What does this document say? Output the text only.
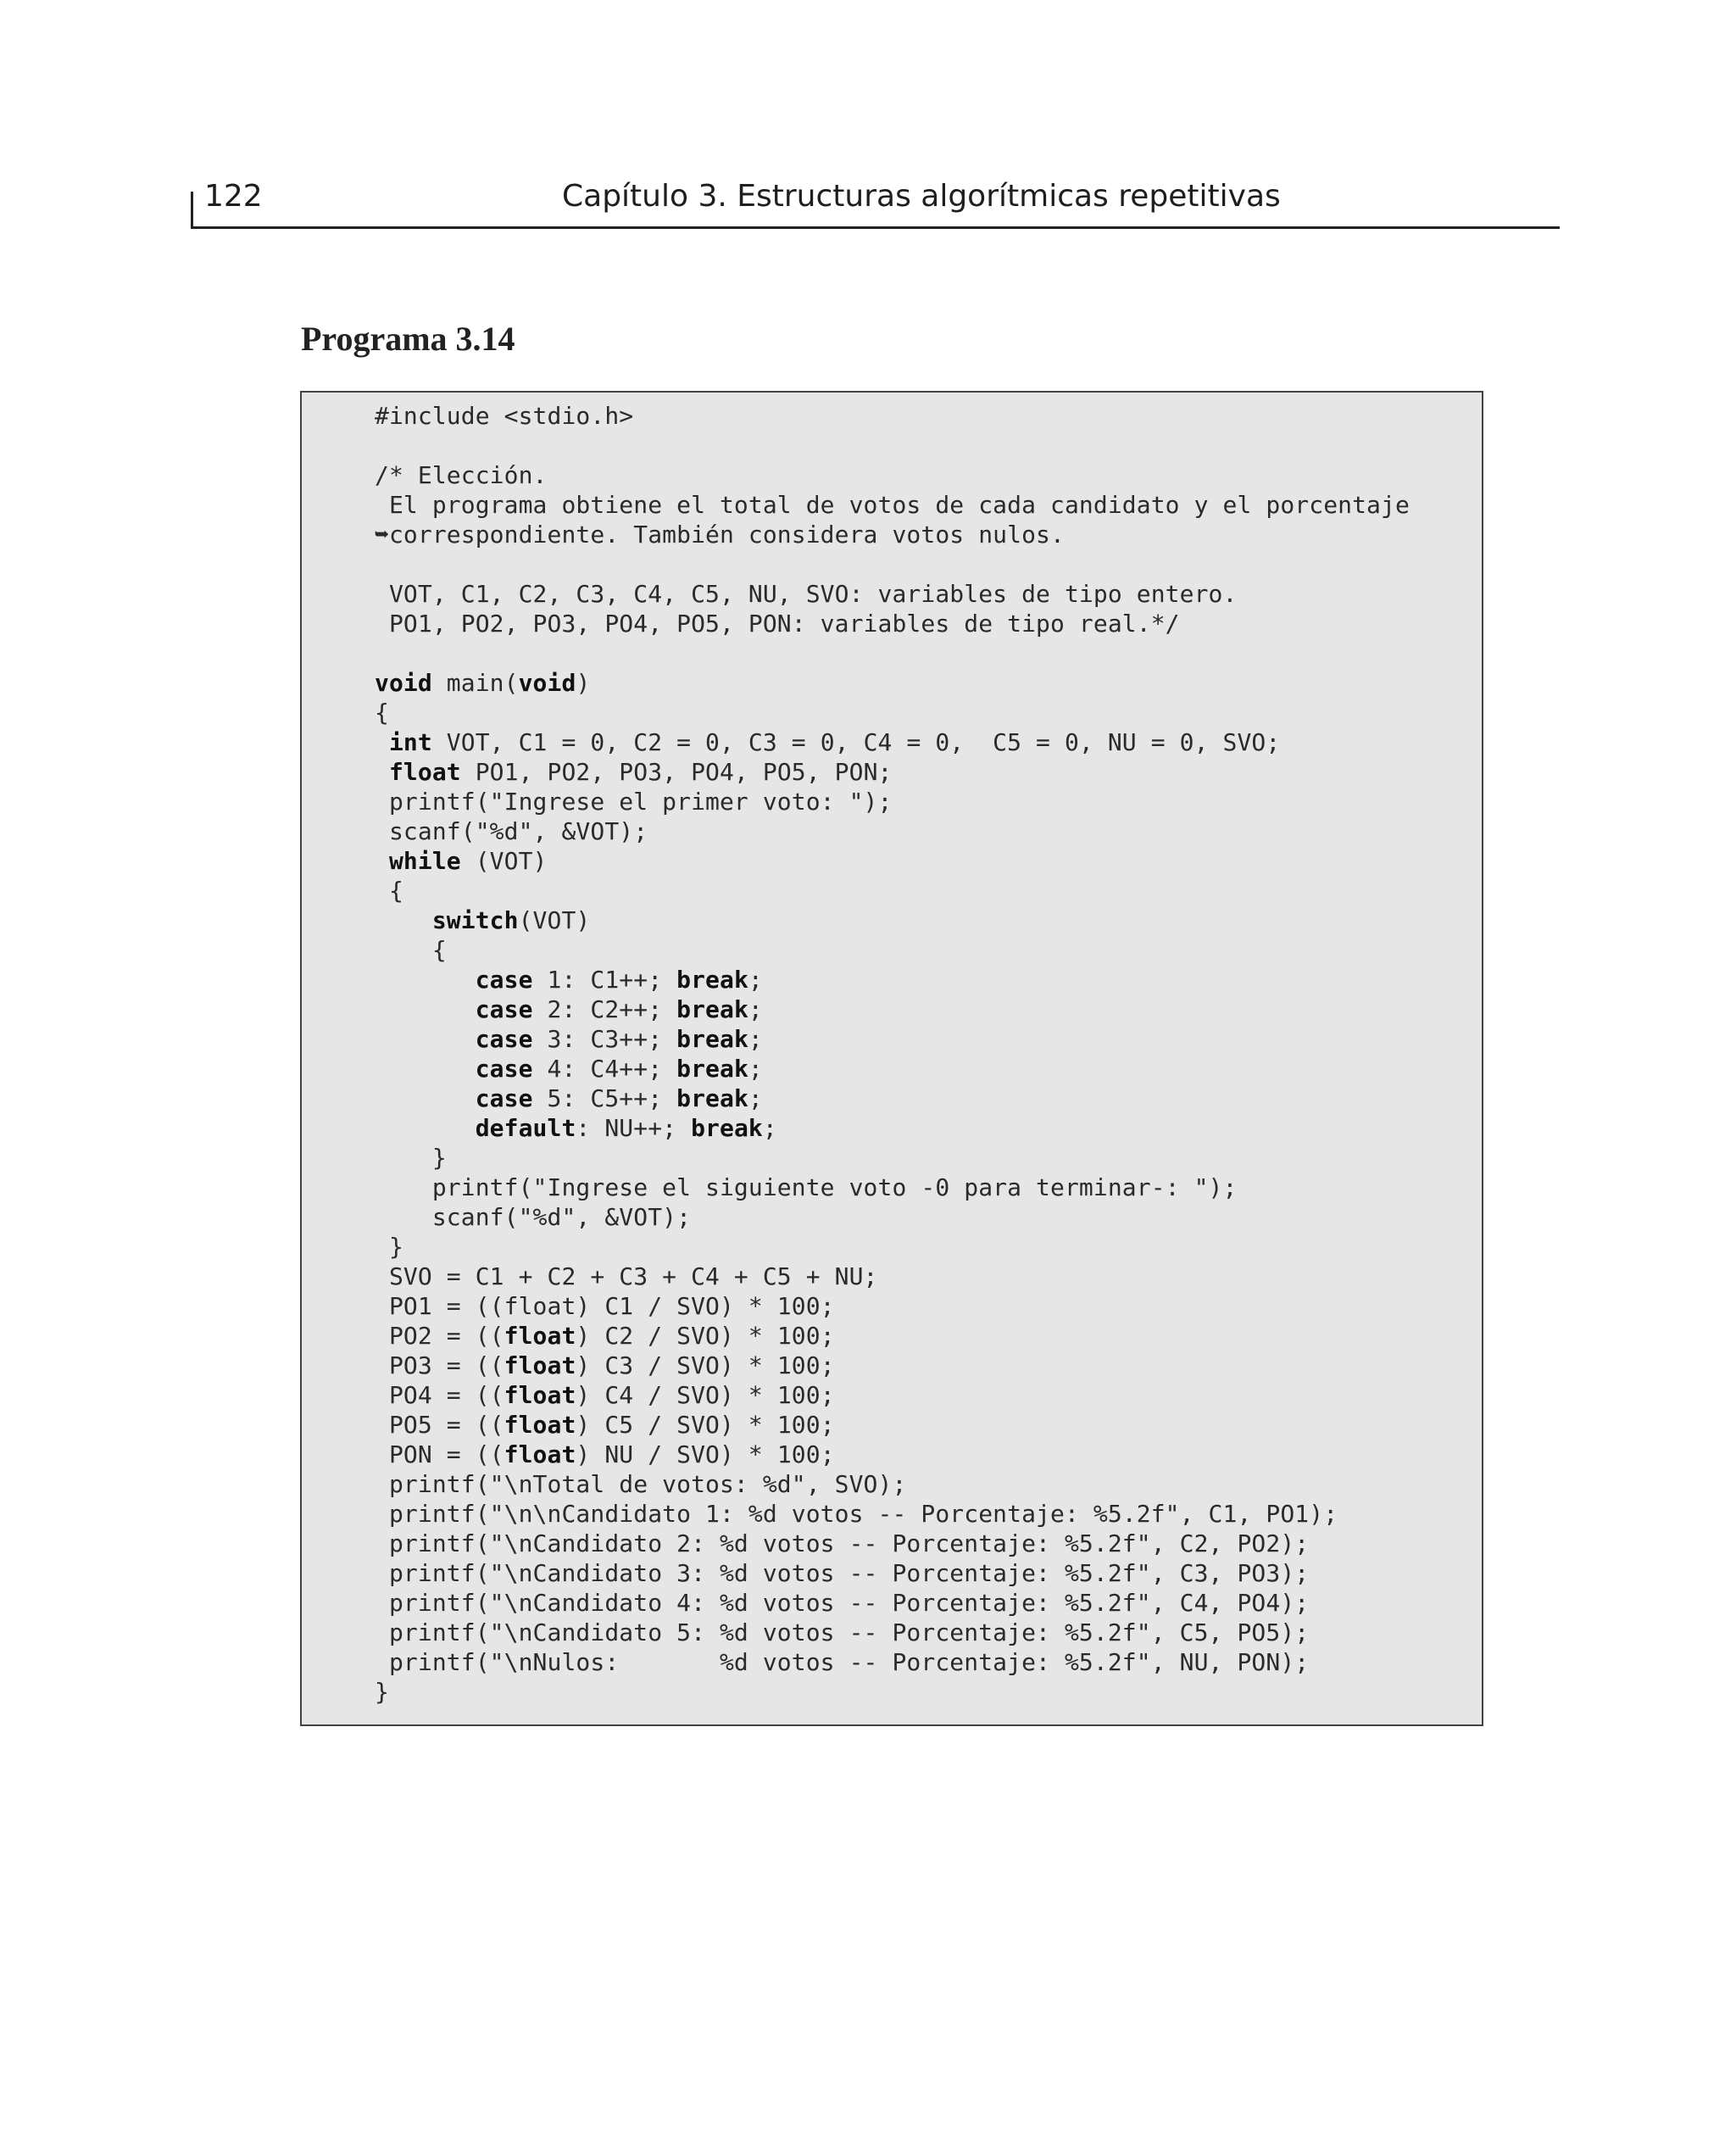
122	Capítulo 3. Estructuras algorítmicas repetitivas
Programa 3.14
#include <stdio.h>

/* Elección.
El programa obtiene el total de votos de cada candidato y el porcentaje
➥correspondiente. También considera votos nulos.

VOT, C1, C2, C3, C4, C5, NU, SVO: variables de tipo entero.
PO1, PO2, PO3, PO4, PO5, PON: variables de tipo real.*/

void main(void)
{
int VOT, C1 = 0, C2 = 0, C3 = 0, C4 = 0,  C5 = 0, NU = 0, SVO;
float PO1, PO2, PO3, PO4, PO5, PON;
printf("Ingrese el primer voto: ");
scanf("%d", &VOT);
while (VOT)
{
switch(VOT)
{
case 1: C1++; break;
case 2: C2++; break;
case 3: C3++; break;
case 4: C4++; break;
case 5: C5++; break;
default: NU++; break;
}
printf("Ingrese el siguiente voto -0 para terminar-: ");
scanf("%d", &VOT);
}
SVO = C1 + C2 + C3 + C4 + C5 + NU;
PO1 = ((float) C1 / SVO) * 100;
PO2 = ((float) C2 / SVO) * 100;
PO3 = ((float) C3 / SVO) * 100;
PO4 = ((float) C4 / SVO) * 100;
PO5 = ((float) C5 / SVO) * 100;
PON = ((float) NU / SVO) * 100;
printf("\nTotal de votos: %d", SVO);
printf("\n\nCandidato 1: %d votos -- Porcentaje: %5.2f", C1, PO1);
printf("\nCandidato 2: %d votos -- Porcentaje: %5.2f", C2, PO2);
printf("\nCandidato 3: %d votos -- Porcentaje: %5.2f", C3, PO3);
printf("\nCandidato 4: %d votos -- Porcentaje: %5.2f", C4, PO4);
printf("\nCandidato 5: %d votos -- Porcentaje: %5.2f", C5, PO5);
printf("\nNulos:       %d votos -- Porcentaje: %5.2f", NU, PON);
}
